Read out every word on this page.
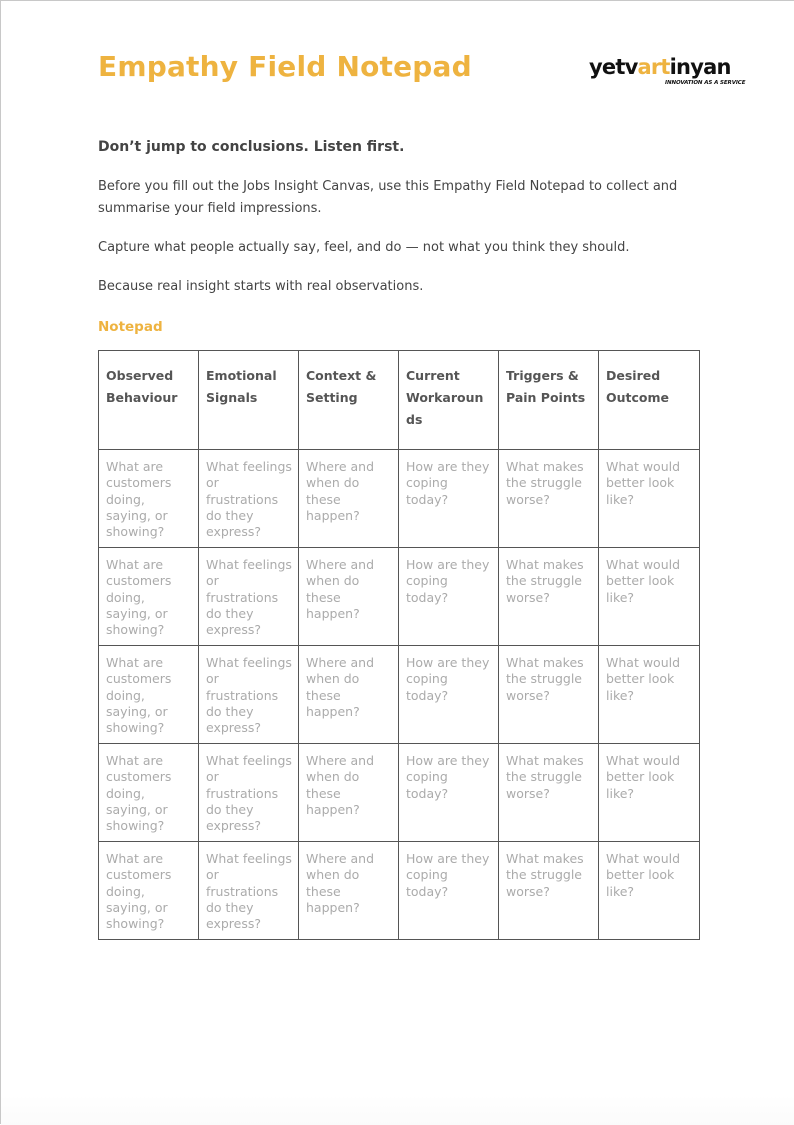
Empathy Field Notepad	yetvartinyan
INNOVATION AS A SERVICE

Don’t jump to conclusions. Listen first.

Before you fill out the Jobs Insight Canvas, use this Empathy Field Notepad to collect and summarise your field impressions.

Capture what people actually say, feel, and do — not what you think they should.

Because real insight starts with real observations.

Notepad
Observed Behaviour	Emotional Signals	Context & Setting	Current Workarounds	Triggers & Pain Points	Desired Outcome
What are customers doing, saying, or showing?	What feelings or frustrations do they express?	Where and when do these happen?	How are they coping today?	What makes the struggle worse?	What would better look like?
What are customers doing, saying, or showing?	What feelings or frustrations do they express?	Where and when do these happen?	How are they coping today?	What makes the struggle worse?	What would better look like?
What are customers doing, saying, or showing?	What feelings or frustrations do they express?	Where and when do these happen?	How are they coping today?	What makes the struggle worse?	What would better look like?
What are customers doing, saying, or showing?	What feelings or frustrations do they express?	Where and when do these happen?	How are they coping today?	What makes the struggle worse?	What would better look like?
What are customers doing, saying, or showing?	What feelings or frustrations do they express?	Where and when do these happen?	How are they coping today?	What makes the struggle worse?	What would better look like?
